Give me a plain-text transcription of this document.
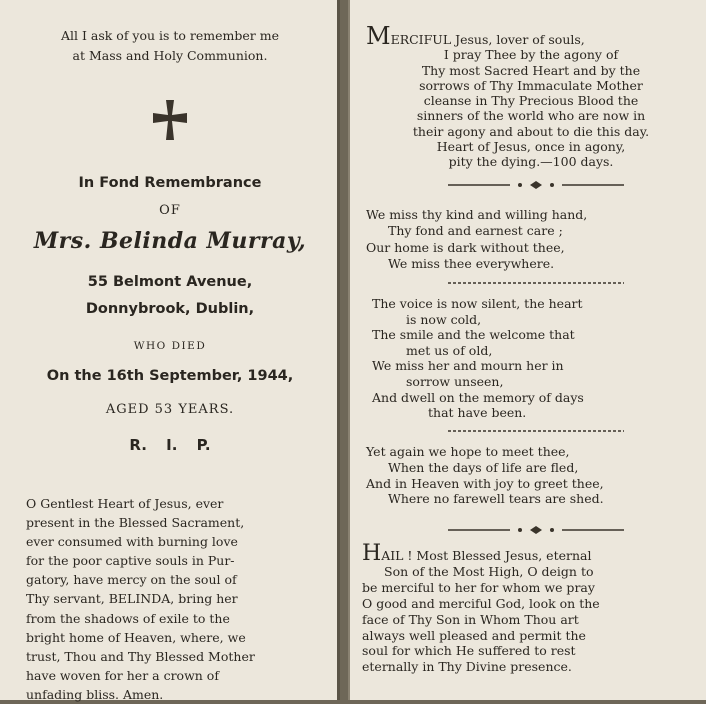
All I ask of you is to remember me
at Mass and Holy Communion.
In Fond Remembrance
OF
Mrs. Belinda Murray,
55 Belmont Avenue,
Donnybrook, Dublin,
WHO DIED
On the 16th September, 1944,
AGED 53 YEARS.
R. I. P.
O Gentlest Heart of Jesus, ever
present in the Blessed Sacrament,
ever consumed with burning love
for the poor captive souls in Pur-
gatory, have mercy on the soul of
Thy servant, BELINDA, bring her
from the shadows of exile to the
bright home of Heaven, where, we
trust, Thou and Thy Blessed Mother
have woven for her a crown of
unfading bliss. Amen.
MERCIFUL Jesus, lover of souls,
I pray Thee by the agony of
Thy most Sacred Heart and by the
sorrows of Thy Immaculate Mother
cleanse in Thy Precious Blood the
sinners of the world who are now in
their agony and about to die this day.
Heart of Jesus, once in agony,
pity the dying.—100 days.
We miss thy kind and willing hand,
Thy fond and earnest care ;
Our home is dark without thee,
We miss thee everywhere.
The voice is now silent, the heart
is now cold,
The smile and the welcome that
met us of old,
We miss her and mourn her in
sorrow unseen,
And dwell on the memory of days
that have been.
Yet again we hope to meet thee,
When the days of life are fled,
And in Heaven with joy to greet thee,
Where no farewell tears are shed.
HAIL ! Most Blessed Jesus, eternal
Son of the Most High, O deign to
be merciful to her for whom we pray
O good and merciful God, look on the
face of Thy Son in Whom Thou art
always well pleased and permit the
soul for which He suffered to rest
eternally in Thy Divine presence.
